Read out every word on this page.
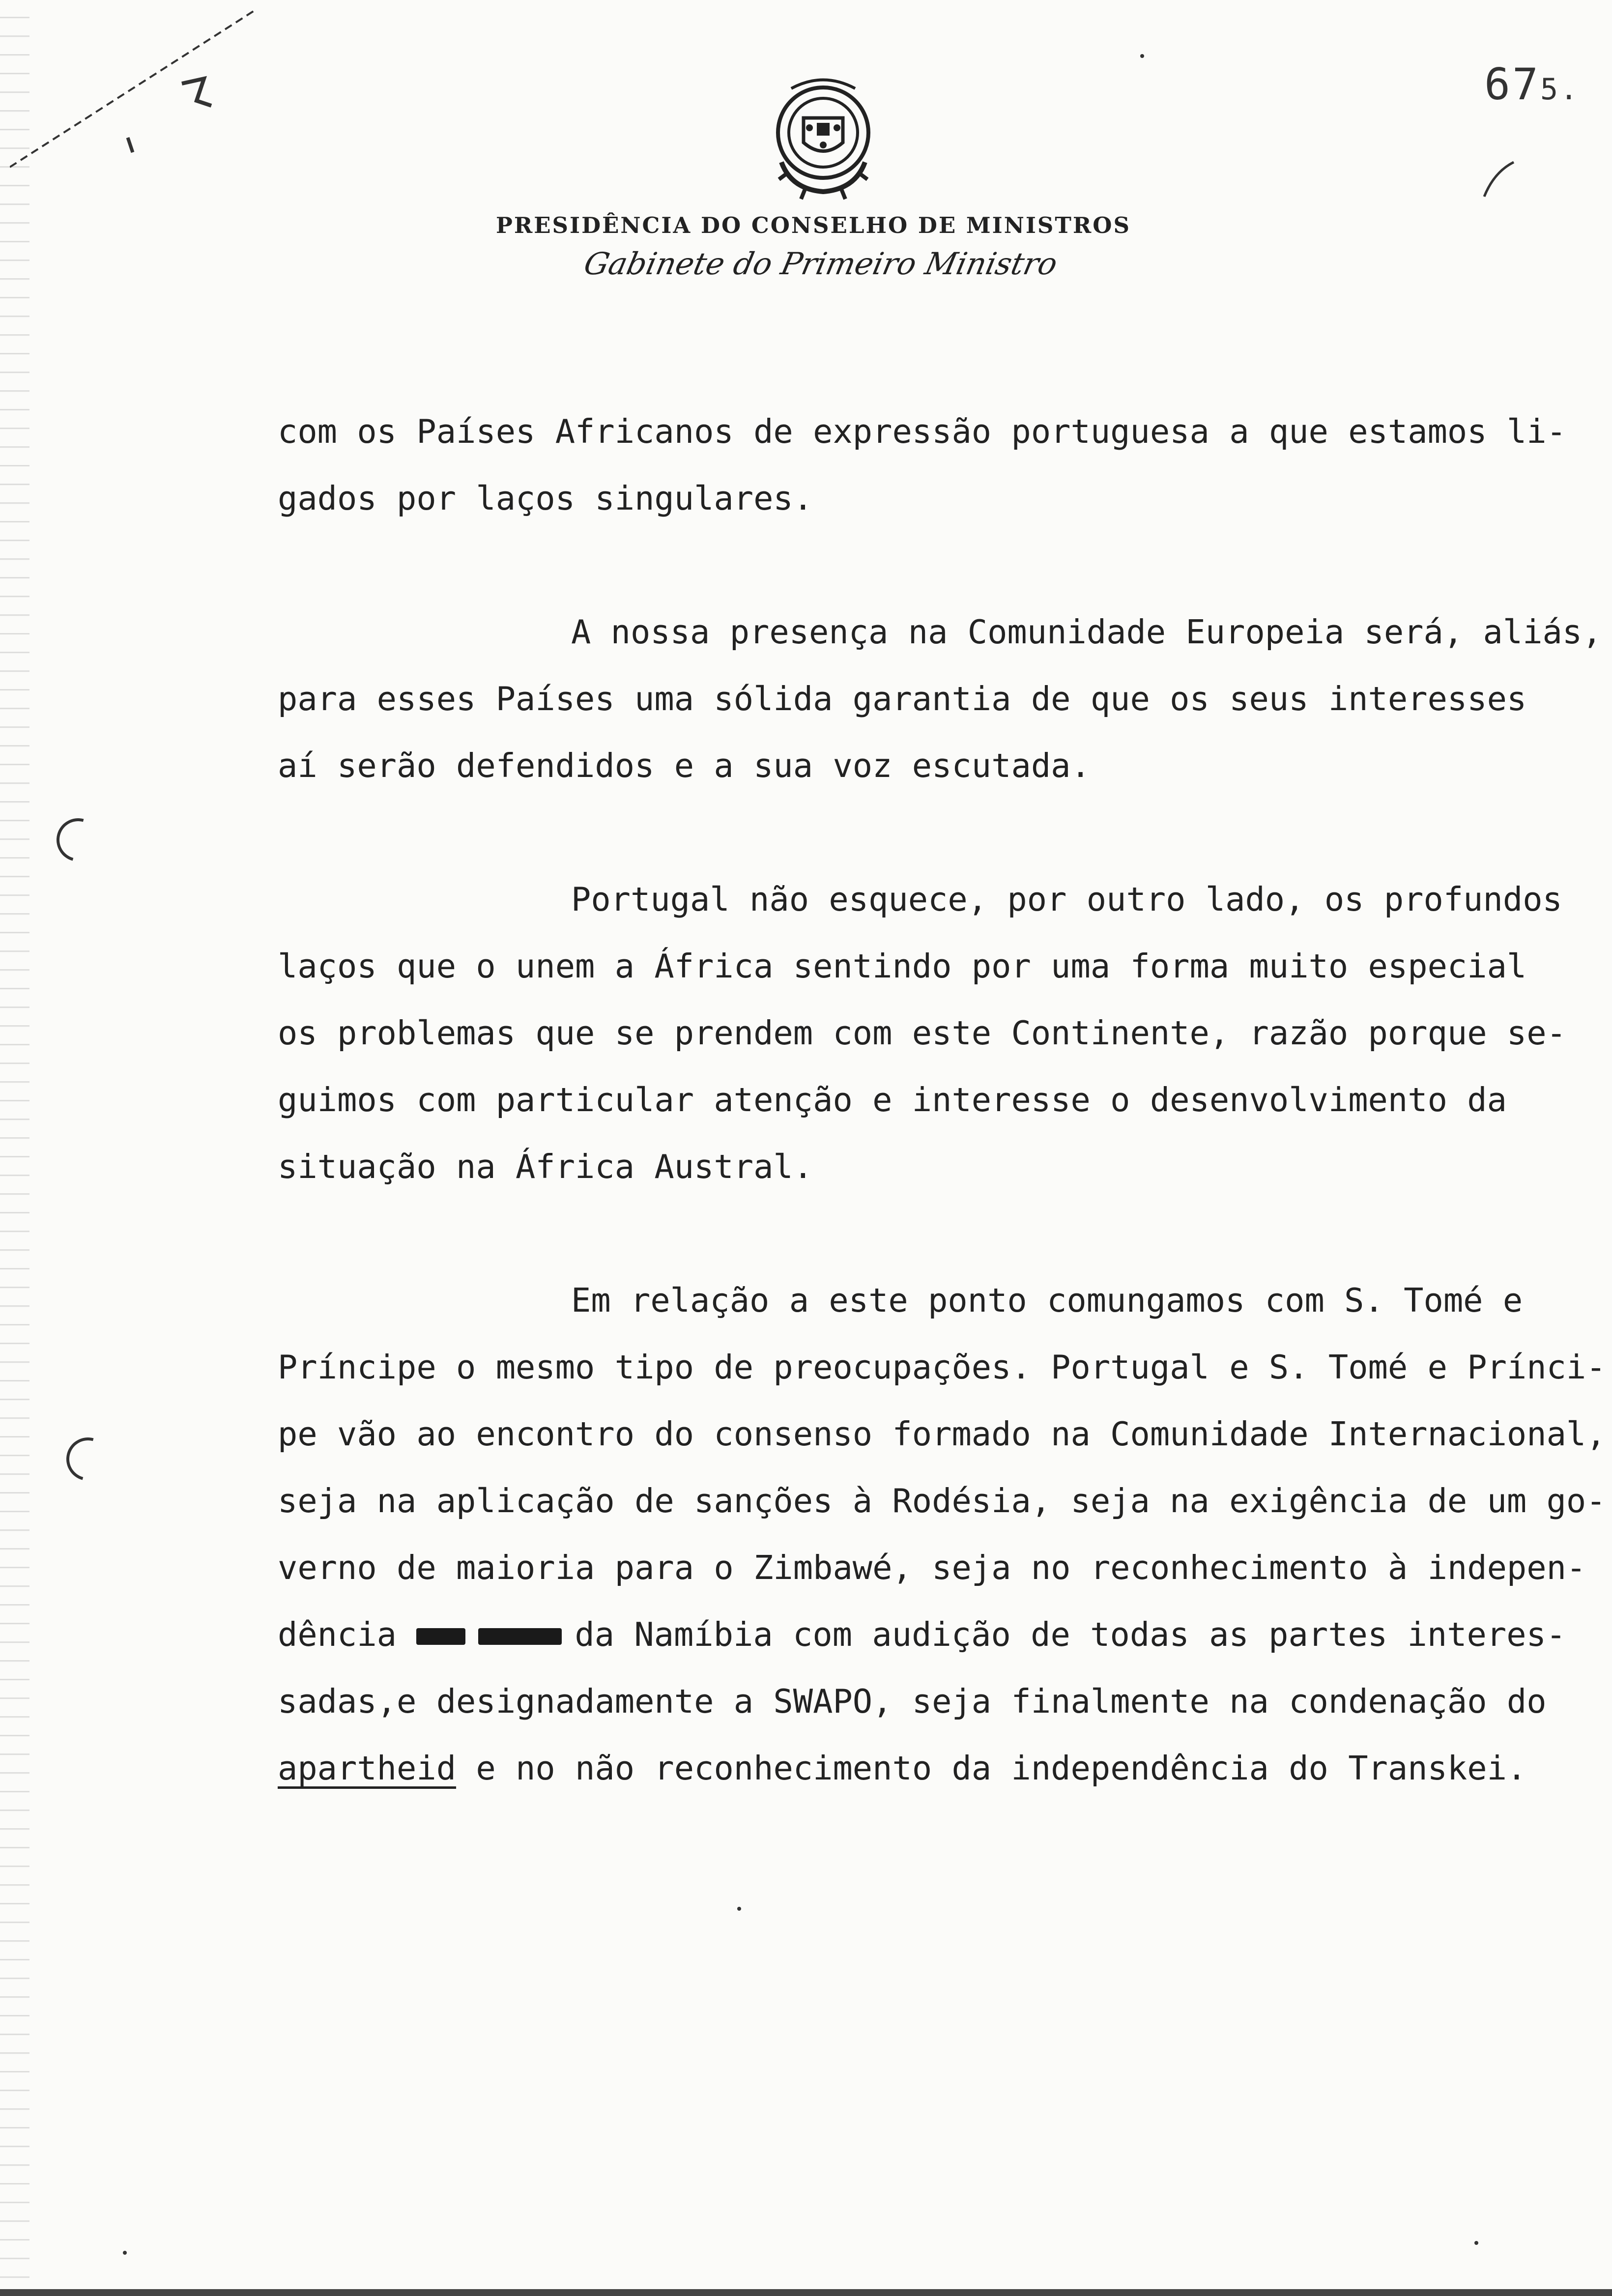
675.
PRESIDÊNCIA DO CONSELHO DE MINISTROS
Gabinete do Primeiro Ministro

com os Países Africanos de expressão portuguesa a que estamos li-
gados por laços singulares.

A nossa presença na Comunidade Europeia será, aliás,
para esses Países uma sólida garantia de que os seus interesses
aí serão defendidos e a sua voz escutada.

Portugal não esquece, por outro lado, os profundos
laços que o unem a África sentindo por uma forma muito especial
os problemas que se prendem com este Continente, razão porque se-
guimos com particular atenção e interesse o desenvolvimento da
situação na África Austral.

Em relação a este ponto comungamos com S. Tomé e
Príncipe o mesmo tipo de preocupações. Portugal e S. Tomé e Prínci-
pe vão ao encontro do consenso formado na Comunidade Internacional,
seja na aplicação de sanções à Rodésia, seja na exigência de um go-
verno de maioria para o Zimbawé, seja no reconhecimento à indepen-
dência	da Namíbia com audição de todas as partes interes-
sadas,e designadamente a SWAPO, seja finalmente na condenação do
apartheid e no não reconhecimento da independência do Transkei.
